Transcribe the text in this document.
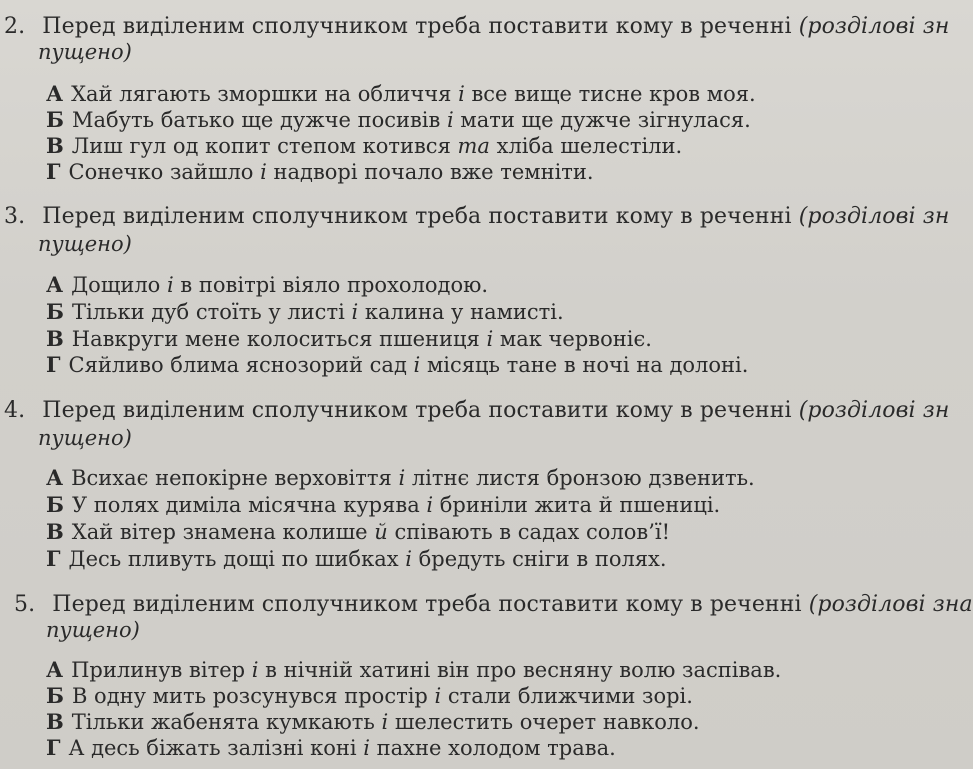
2. Перед виділеним сполучником треба поставити кому в реченні (розділові зн
пущено)
А Хай лягають зморшки на обличчя і все вище тисне кров моя.
Б Мабуть батько ще дужче посивів і мати ще дужче зігнулася.
В Лиш гул од копит степом котився та хліба шелестіли.
Г Сонечко зайшло і надворі почало вже темніти.
3. Перед виділеним сполучником треба поставити кому в реченні (розділові зн
пущено)
А Дощило і в повітрі віяло прохолодою.
Б Тільки дуб стоїть у листі і калина у намисті.
В Навкруги мене колоситься пшениця і мак червоніє.
Г Сяйливо блима яснозорий сад і місяць тане в ночі на долоні.
4. Перед виділеним сполучником треба поставити кому в реченні (розділові зн
пущено)
А Всихає непокірне верховіття і літнє листя бронзою дзвенить.
Б У полях диміла місячна курява і бриніли жита й пшениці.
В Хай вітер знамена колише й співають в садах солов’ї!
Г Десь пливуть дощі по шибках і бредуть сніги в полях.
5. Перед виділеним сполучником треба поставити кому в реченні (розділові зна
пущено)
А Прилинув вітер і в нічній хатині він про весняну волю заспівав.
Б В одну мить розсунувся простір і стали ближчими зорі.
В Тільки жабенята кумкають і шелестить очерет навколо.
Г А десь біжать залізні коні і пахне холодом трава.
